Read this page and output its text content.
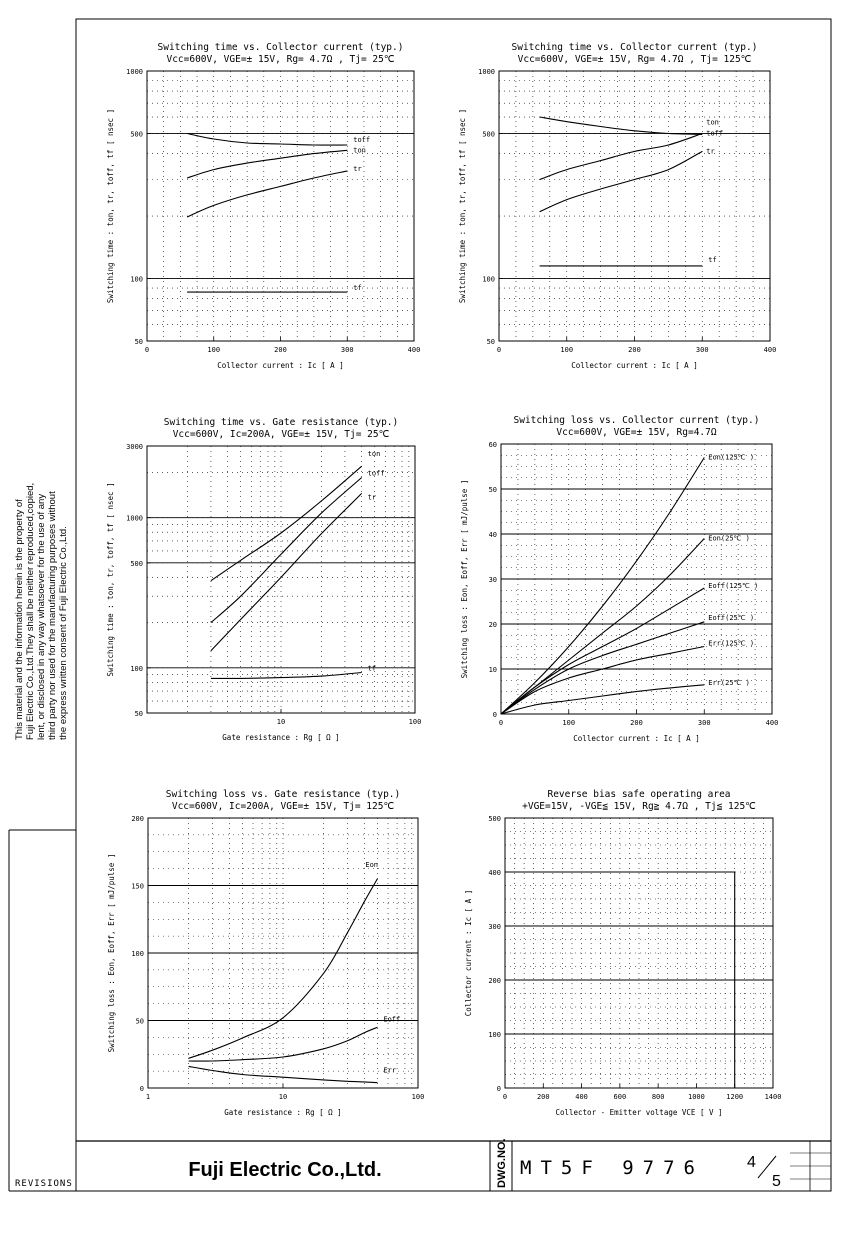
This material and the information herein is the property of Fuji Electric Co.,Ltd.They shall be neither reproduced,copied, lent, or disclosed in any way whatsoever for the use of any third party nor used for the manufacturing purposes without the express written consent of Fuji Electric Co.,Ltd.
Switching time vs. Collector current (typ.)
Vcc=600V, VGE=± 15V, Rg= 4.7Ω , Tj= 25℃
0	100	200	300	400
1000
500
100
50
Collector current : Ic [ A ]
Switching time : ton, tr, toff, tf [ nsec ]	toff
ton
tr
tf
Switching time vs. Collector current (typ.)
Vcc=600V, VGE=± 15V, Rg= 4.7Ω , Tj= 125℃
0	100	200	300	400
1000
500
100
50
Collector current : Ic [ A ]
Switching time : ton, tr, toff, tf [ nsec ]	ton
toff
tr
tf
Switching time vs. Gate resistance (typ.)
Vcc=600V, Ic=200A, VGE=± 15V, Tj= 25℃
10	100
3000
1000
500
100
50
Gate resistance : Rg [ Ω ]
Switching time : ton, tr, toff, tf [ nsec ]
ton
toff
tr
tf
Switching loss vs. Collector current (typ.)
Vcc=600V, VGE=± 15V, Rg=4.7Ω
0	100	200	300	400
0
10
20
30
40
50
60
Collector current : Ic [ A ]
Switching loss : Eon, Eoff, Err [ mJ/pulse ]
Eon(125℃ )
Eon(25℃ )
Eoff(125℃ )
Eoff(25℃ )
Err(125℃ )
Err(25℃ )
Switching loss vs. Gate resistance (typ.)
Vcc=600V, Ic=200A, VGE=± 15V, Tj= 125℃
1	10	100
0
50
100
150
200
Gate resistance : Rg [ Ω ]
Switching loss : Eon, Eoff, Err [ mJ/pulse ]	Eon
Eoff
Err
Reverse bias safe operating area
+VGE=15V, -VGE≦ 15V, Rg≧ 4.7Ω , Tj≦ 125℃
0	200	400	600	800	1000	1200	1400
0
100
200
300
400
500
Collector - Emitter voltage VCE [ V ]
Collector current : Ic [ A ]
Fuji Electric Co.,Ltd.	DWG.NO. MT5F 9776	4
5
REVISIONS
